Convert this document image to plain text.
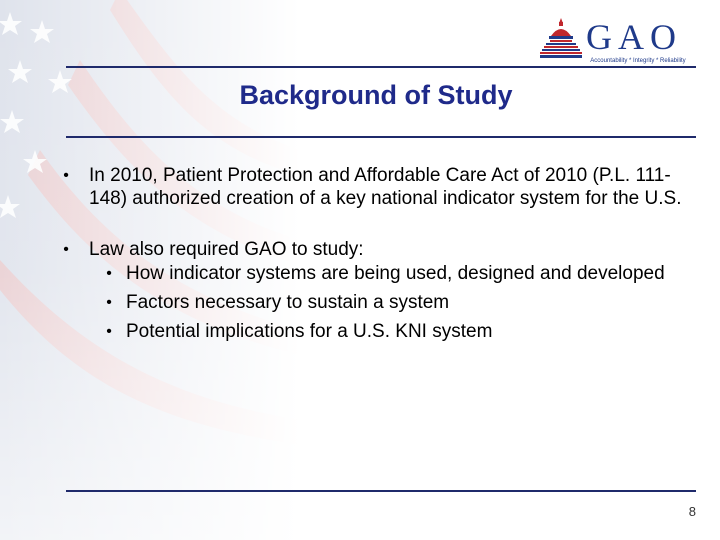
GAO
Accountability * Integrity * Reliability
Background of Study
• In 2010, Patient Protection and Affordable Care Act of 2010 (P.L. 111-148) authorized creation of a key national indicator system for the U.S.
• Law also required GAO to study:
• How indicator systems are being used, designed and developed
• Factors necessary to sustain a system
• Potential implications for a U.S. KNI system
8
